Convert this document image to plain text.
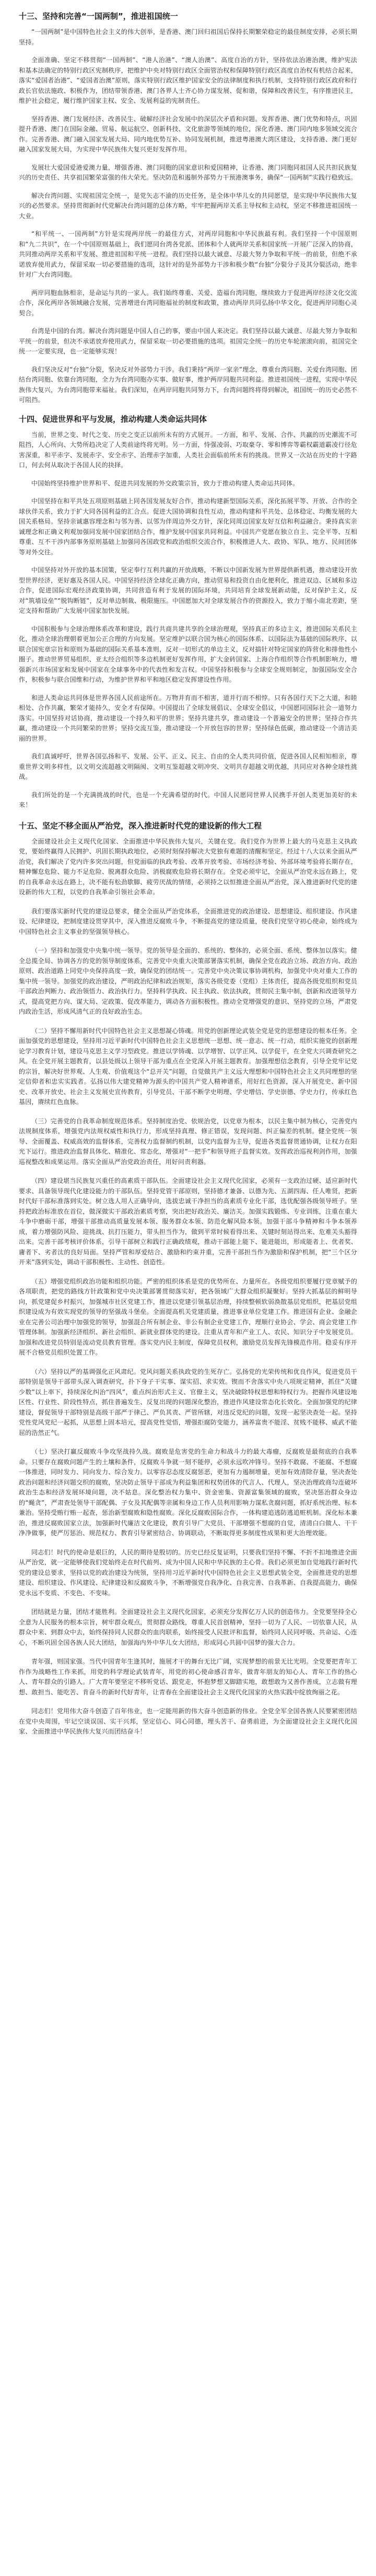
十三、坚持和完善“一国两制”，推进祖国统一

“一国两制”是中国特色社会主义的伟大创举，是香港、澳门回归祖国后保持长期繁荣稳定的最佳制度安排，必须长期坚持。

全面准确、坚定不移贯彻“一国两制”、“港人治港”、“澳人治澳”、高度自治的方针，坚持依法治港治澳，维护宪法和基本法确定的特别行政区宪制秩序，把维护中央对特别行政区全面管治权和保障特别行政区高度自治权有机结合起来，落实“爱国者治港”、“爱国者治澳”原则，落实特别行政区维护国家安全的法律制度和执行机制，支持特别行政区政府和行政长官依法施政、积极作为，团结带领香港、澳门各界人士齐心协力谋发展、促和谐，保障和改善民生，有序推进民主，维护社会稳定，履行维护国家主权、安全、发展利益的宪制责任。

坚持香港、澳门发展经济、改善民生、破解经济社会发展中的深层次矛盾和问题。发挥香港、澳门优势和特点，巩固提升香港、澳门在国际金融、贸易、航运航空、创新科技、文化旅游等领域的地位，深化香港、澳门同内地多领域交流合作。完善香港、澳门融入国家发展大局、同内地优势互补、协同发展机制，推进粤港澳大湾区建设，支持香港、澳门更好融入国家发展大局，为实现中华民族伟大复兴更好发挥作用。

发展壮大爱国爱港爱澳力量，增强香港、澳门同胞的国家意识和爱国精神，让香港、澳门同胞同祖国人民共担民族复兴的历史责任、共享祖国繁荣富强的伟大荣光。坚决防范和遏制外部势力干预港澳事务，确保“一国两制”实践行稳致远。

解决台湾问题、实现祖国完全统一，是党矢志不渝的历史任务，是全体中华儿女的共同愿望，是实现中华民族伟大复兴的必然要求。坚持贯彻新时代党解决台湾问题的总体方略，牢牢把握两岸关系主导权和主动权，坚定不移推进祖国统一大业。

“和平统一、一国两制”方针是实现两岸统一的最佳方式，对两岸同胞和中华民族最有利。我们坚持一个中国原则和“九二共识”，在一个中国原则基础上，我们愿同台湾各党派、团体和个人就两岸关系和国家统一开展广泛深入的协商，共同推动两岸关系和平发展、推进祖国和平统一进程。我们坚持以最大诚意、尽最大努力争取和平统一的前景，但绝不承诺放弃使用武力，保留采取一切必要措施的选项，这针对的是外部势力干涉和极少数“台独”分裂分子及其分裂活动，绝非针对广大台湾同胞。

两岸同胞血脉相亲，是命运与共的一家人。我们始终尊重、关爱、造福台湾同胞，继续致力于促进两岸经济文化交流合作，深化两岸各领域融合发展，完善增进台湾同胞福祉的制度和政策，推动两岸共同弘扬中华文化，促进两岸同胞心灵契合。

台湾是中国的台湾。解决台湾问题是中国人自己的事，要由中国人来决定。我们坚持以最大诚意、尽最大努力争取和平统一的前景，但决不承诺放弃使用武力，保留采取一切必要措施的选项。祖国完全统一的历史车轮滚滚向前，祖国完全统一一定要实现，也一定能够实现！

我们坚决反对“台独”分裂，坚决反对外部势力干涉。我们秉持“两岸一家亲”理念，尊重台湾同胞、关爱台湾同胞、团结台湾同胞、依靠台湾同胞，全力为台湾同胞办实事、做好事，维护两岸同胞共同利益。推进祖国统一进程，实现中华民族伟大复兴，为台湾同胞带来福祉。我们深知，在两岸同胞共同努力下，台湾问题终将得到解决，祖国统一的历史必然不可阻挡。

十四、促进世界和平与发展，推动构建人类命运共同体

当前，世界之变、时代之变、历史之变正以前所未有的方式展开。一方面，和平、发展、合作、共赢的历史潮流不可阻挡，人心所向、大势所趋决定了人类前途终将光明。另一方面，恃强凌弱、巧取豪夺、零和博弈等霸权霸道霸凌行径危害深重，和平赤字、发展赤字、安全赤字、治理赤字加重，人类社会面临前所未有的挑战。世界又一次站在历史的十字路口，何去何从取决于各国人民的抉择。

中国始终坚持维护世界和平、促进共同发展的外交政策宗旨，致力于推动构建人类命运共同体。

中国坚持在和平共处五项原则基础上同各国发展友好合作，推动构建新型国际关系，深化拓展平等、开放、合作的全球伙伴关系，致力于扩大同各国利益的汇合点。促进大国协调和良性互动，推动构建和平共处、总体稳定、均衡发展的大国关系格局。坚持亲诚惠容理念和与邻为善、以邻为伴周边外交方针，深化同周边国家友好互信和利益融合。秉持真实亲诚理念和正确义利观加强同发展中国家团结合作，维护发展中国家共同利益。中国共产党愿在独立自主、完全平等、互相尊重、互不干涉内部事务原则基础上加强同各国政党和政治组织交流合作，积极推进人大、政协、军队、地方、民间团体等对外交往。

中国坚持对外开放的基本国策，坚定奉行互利共赢的开放战略，不断以中国新发展为世界提供新机遇，推动建设开放型世界经济，更好惠及各国人民。中国坚持经济全球化正确方向，推动贸易和投资自由化便利化，推进双边、区域和多边合作，促进国际宏观经济政策协调，共同营造有利于发展的国际环境，共同培育全球发展新动能，反对保护主义，反对“筑墙设垒”“脱钩断链”，反对单边制裁、极限施压。中国愿加大对全球发展合作的资源投入，致力于缩小南北差距，坚定支持和帮助广大发展中国家加快发展。

中国积极参与全球治理体系改革和建设，践行共商共建共享的全球治理观，坚持真正的多边主义，推进国际关系民主化，推动全球治理朝着更加公正合理的方向发展。坚定维护以联合国为核心的国际体系、以国际法为基础的国际秩序、以联合国宪章宗旨和原则为基础的国际关系基本准则，反对一切形式的单边主义，反对搞针对特定国家的阵营化和排他性小圈子。推动世界贸易组织、亚太经合组织等多边机制更好发挥作用，扩大金砖国家、上海合作组织等合作机制影响力，增强新兴市场国家和发展中国家在全球事务中的代表性和发言权。中国坚持积极参与全球安全规则制定，加强国际安全合作，积极参与联合国维和行动，为维护世界和平和地区稳定发挥建设性作用。

和进人类命运共同体是世界各国人民前途所在。万物并育而不相害，道并行而不相悖。只有各国行天下之大道，和睦相处、合作共赢，繁荣才能持久，安全才有保障。中国提出了全球发展倡议、全球安全倡议，中国愿同国际社会一道努力落实。中国坚持对话协商，推动建设一个持久和平的世界；坚持共建共享，推动建设一个普遍安全的世界；坚持合作共赢，推动建设一个共同繁荣的世界；坚持交流互鉴，推动建设一个开放包容的世界；坚持绿色低碳，推动建设一个清洁美丽的世界。

我们真诚呼吁，世界各国弘扬和平、发展、公平、正义、民主、自由的全人类共同价值，促进各国人民相知相亲，尊重世界文明多样性，以文明交流超越文明隔阂、文明互鉴超越文明冲突、文明共存超越文明优越，共同应对各种全球性挑战。

我们所处的是一个充满挑战的时代，也是一个充满希望的时代。中国人民愿同世界人民携手开创人类更加美好的未来！

十五、坚定不移全面从严治党，深入推进新时代党的建设新的伟大工程

全面建设社会主义现代化国家、全面推进中华民族伟大复兴，关键在党。我们党作为世界上最大的马克思主义执政党，要始终赢得人民拥护、巩固长期执政地位，必须时刻保持解决大党独有难题的清醒和坚定。经过十八大以来全面从严治党，我们解决了党内许多突出问题，但党面临的执政考验、改革开放考验、市场经济考验、外部环境考验将长期存在，精神懈怠危险、能力不足危险、脱离群众危险、消极腐败危险将长期存在。全党必须牢记，全面从严治党永远在路上，党的自我革命永远在路上，决不能有松劲歇脚、疲劳厌战的情绪，必须持之以恒推进全面从严治党，深入推进新时代党的建设新的伟大工程，以党的自我革命引领社会革命。

我们要落实新时代党的建设总要求，健全全面从严治党体系，全面推进党的政治建设、思想建设、组织建设、作风建设、纪律建设，把制度建设贯穿其中，深入推进反腐败斗争，不断提高党的建设质量，使我们党坚守初心使命，始终成为中国特色社会主义事业的坚强领导核心。

（一）坚持和加强党中央集中统一领导。党的领导是全面的、系统的、整体的，必须全面、系统、整体加以落实。健全总揽全局、协调各方的党的领导制度体系，完善党中央重大决策部署落实机制，确保全党在政治立场、政治方向、政治原则、政治道路上同党中央保持高度一致，确保党的团结统一。完善党中央决策议事协调机构，加强党中央对重大工作的集中统一领导。加强党的政治建设，严明政治纪律和政治规矩，落实各级党委（党组）主体责任，提高各级党组织和党员干部政治判断力、政治领悟力、政治执行力。坚持科学执政、民主执政、依法执政，贯彻民主集中制，创新和改进领导方式，提高党把方向、谋大局、定政策、促改革能力，调动各方面积极性。推动全党增强党的意识、坚持党的立场，严肃党内政治生活，形成风清气正的良好政治生态。

（二）坚持不懈用新时代中国特色社会主义思想凝心铸魂。用党的创新理论武装全党是党的思想建设的根本任务。全面加强党的思想建设，坚持用习近平新时代中国特色社会主义思想统一思想、统一意志、统一行动，组织实施党的创新理论学习教育计划，建设马克思主义学习型政党。推进以学铸魂、以学增智、以学正风、以学促干，在全党大兴调查研究之风。在全党开展主题教育，以县处级以上领导干部为重点在全党深入开展主题教育。加强理想信念教育，引导全党牢记党的宗旨，解决好世界观、人生观、价值观这个“总开关”问题，自觉做共产主义远大理想和中国特色社会主义共同理想的坚定信仰者和忠实实践者。弘扬以伟大建党精神为源头的中国共产党人精神谱系，用好红色资源，深入开展党史、新中国史、改革开放史、社会主义发展史宣传教育，引导党员、干部不断学史明理、学史增信、学史崇德、学史力行，传承红色基因，赓续红色血脉。

（三）完善党的自我革命制度规范体系。坚持制度治党、依规治党，以党章为根本，以民主集中制为核心，完善党内法规制度体系，增强党内法规权威性和执行力，形成坚持真理、修正错误，发现问题、纠正偏差的机制。健全党统一领导、全面覆盖、权威高效的监督体系，完善权力监督制约机制，以党内监督为主导，促进各类监督贯通协调，让权力在阳光下运行。推进政治监督具体化、精准化、常态化，增强对“一把手”和领导班子监督实效。发挥政治巡视利剑作用，加强巡视整改和成果运用。落实全面从严治党政治责任，用好问责利器。

（四）建设堪当民族复兴重任的高素质干部队伍。全面建设社会主义现代化国家，必须有一支政治过硬、适应新时代要求、具备领导现代化建设能力的干部队伍。坚持党管干部原则，坚持德才兼备、以德为先、五湖四海、任人唯贤，把新时代好干部标准落到实处。树立选人用人正确导向，选拔忠诚干净担当的高素质专业化干部，选优配强各级领导班子。坚持把政治标准放在首位，做深做实干部政治素质考察，突出把好政治关、廉洁关。加强实践锻炼、专业训练，注重在重大斗争中磨砺干部，增强干部推动高质量发展本领、服务群众本领、防范化解风险本领。加强干部斗争精神和斗争本领养成，着力增强防风险、迎挑战、抗打压能力，带头担当作为，做到平常时候看得出来、关键时刻站得出来、危难关头豁得出来。完善干部考核评价体系，引导干部树立和践行正确政绩观，推动干部能上能下、能进能出，形成能者上、优者奖、庸者下、劣者汰的良好局面。坚持严管和厚爱结合、激励和约束并重，完善干部担当作为激励和保护机制，把“三个区分开来”落到实处，调动干部积极性、主动性、创造性。

（五）增强党组织政治功能和组织功能。严密的组织体系是党的优势所在、力量所在。各级党组织要履行党章赋予的各项职责，把党的路线方针政策和党中央决策部署贯彻落实好，把各领域广大群众组织凝聚好。坚持大抓基层的鲜明导向，抓党建促乡村振兴，加强城市社区党建工作，推进以党建引领基层治理，持续整顿软弱涣散基层党组织，把基层党组织建设成为有效实现党的领导的坚强战斗堡垒。全面提高机关党建质量，推进事业单位党建工作。推进国有企业、金融企业在完善公司治理中加强党的领导，加强混合所有制企业、非公有制企业党建工作，理顺行业协会、学会、商会党建工作管理体制。加强新经济组织、新社会组织、新就业群体党的建设。注重从青年和产业工人、农民、知识分子中发展党员。加强和改进党员特别是流动党员教育管理。落实党内民主制度，保障党员权利，激励党员发挥先锋模范作用。稳妥有序开展不合格党员组织处置工作。

（六）坚持以严的基调强化正风肃纪。党风问题关系执政党的生死存亡。弘扬党的光荣传统和优良作风，促进党员干部特别是领导干部带头深入调查研究，扑下身子干实事、谋实招、求实效。锲而不舍落实中央八项规定精神，抓住“关键少数”以上率下，持续深化纠治“四风”，重点纠治形式主义、官僚主义，坚决破除特权思想和特权行为。把握作风建设地区性、行业性、阶段性特点，抓住普遍发生、反复出现的问题深化整治，推进作风建设常态化长效化。全面加强党的纪律建设，督促领导干部特别是高级干部严于律己、严负其责、严管所辖，对违反党纪的问题，发现一起坚决查处一起。坚持党性党风党纪一起抓，从思想上固本培元，提高党性觉悟，增强拒腐防变能力，涵养富贵不能淫、贫贱不能移、威武不能屈的浩然正气。

（七）坚决打赢反腐败斗争攻坚战持久战。腐败是危害党的生命力和战斗力的最大毒瘤，反腐败是最彻底的自我革命。只要存在腐败问题产生的土壤和条件，反腐败斗争就一刻不能停，必须永远吹冲锋号。坚持不敢腐、不能腐、不想腐一体推进，同时发力、同向发力、综合发力。以零容忍态度反腐惩恶，更加有力遏制增量，更加有效清除存量，坚决查处政治问题和经济问题交织的腐败，坚决防止领导干部成为利益集团和权势团体的代言人、代理人，坚决治理政商勾连破坏政治生态和经济发展环境问题，决不姑息。深化整治权力集中、资金密集、资源富集领域的腐败，坚决惩治群众身边的“蝇贪”，严肃查处领导干部配偶、子女及其配偶等亲属和身边工作人员利用影响力谋私贪腐问题，抓好系统治理、标本兼治。坚持受贿行贿一起查，惩治新型腐败和隐性腐败。深化反腐败国际合作，一体构建追逃防逃追赃机制。深化标本兼治，推进反腐败国家立法，加强新时代廉洁文化建设，教育引导广大党员、干部增强不想腐的自觉，清清白白做人、干干净净做事，使严厉惩治、规范权力、教育引导紧密结合、协调联动，不断取得更多制度性成果和更大治理效能。

同志们！时代的使命是艰巨的，人民的期待是殷切的。历史已经反复证明，只要我们坚持不懈、不折不扣地推进全面从严治党，就一定能够使我们党始终走在时代前列、成为中国人民和中华民族的主心骨。我们必须更加自觉地践行新时代党的建设总要求，坚持以党的政治建设为统领，坚持用习近平新时代中国特色社会主义思想武装全党，全面推进党的思想建设、组织建设、作风建设、纪律建设和反腐败斗争，不断增强党自我净化、自我完善、自我革新、自我提高能力，确保党永远不变质、不变色、不变味。

团结就是力量，团结才能胜利。全面建设社会主义现代化国家，必须充分发挥亿万人民的创造伟力。全党要坚持全心全意为人民服务的根本宗旨，树牢群众观点，贯彻群众路线，尊重人民首创精神，坚持一切为了人民、一切依靠人民，从群众中来、到群众中去，始终保持同人民群众的血肉联系，始终接受人民批评和监督，始终同人民同呼吸、共命运、心连心，不断巩固全国各族人民大团结，加强海内外中华儿女大团结，形成同心共圆中国梦的强大合力。

青年强，则国家强。当代中国青年生逢其时，施展才干的舞台无比广阔，实现梦想的前景无比光明。全党要把青年工作作为战略性工作来抓，用党的科学理论武装青年，用党的初心使命感召青年，做青年朋友的知心人、青年工作的热心人、青年群众的引路人。广大青年要坚定不移听党话、跟党走，怀抱梦想又脚踏实地，敢想敢为又善作善成，立志做有理想、敢担当、能吃苦、肯奋斗的新时代好青年，让青春在全面建设社会主义现代化国家的火热实践中绽放绚丽之花。

同志们！党用伟大奋斗创造了百年伟业，也一定能用新的伟大奋斗创造新的伟业。全党全军全国各族人民要紧密团结在党中央周围，牢记空谈误国、实干兴邦，坚定信心、同心同德，埋头苦干、奋勇前进，为全面建设社会主义现代化国家、全面推进中华民族伟大复兴而团结奋斗！
